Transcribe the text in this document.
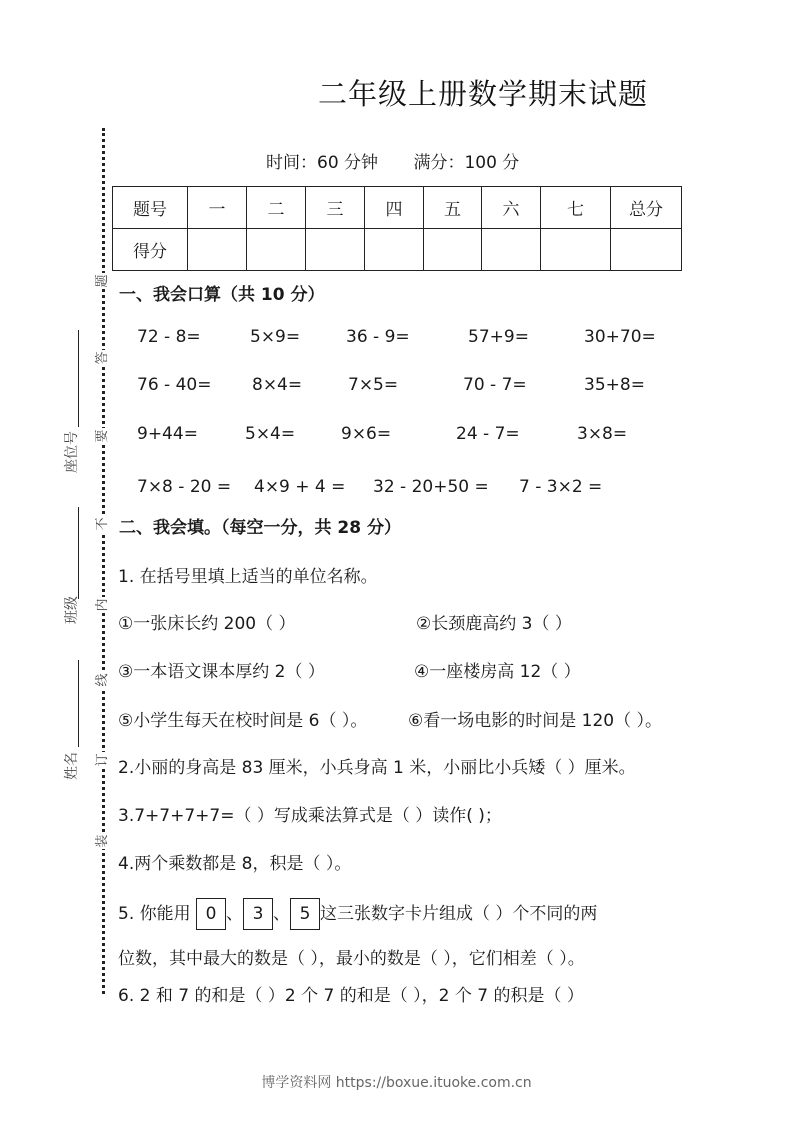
二年级上册数学期末试题
时间：60 分钟 满分：100 分
题
答
要
不
内
线
订
装
座位号
班级
姓名
题号	一	二	三	四	五	六	七	总分
得分								
一、我会口算（共 10 分）
72 - 8=	5×9=	36 - 9=	57+9=	30+70=
76 - 40= 8×4=	7×5=	70 - 7=	35+8=
9+44=	5×4=	9×6=	24 - 7=	3×8=
7×8 - 20 = 4×9 + 4 = 32 - 20+50 = 7 - 3×2 =
二、我会填。（每空一分，共 28 分）
1. 在括号里填上适当的单位名称。
①一张床长约 200（ ）	②长颈鹿高约 3（ ）
③一本语文课本厚约 2（ ）	④一座楼房高 12（ ）
⑤小学生每天在校时间是 6（ ）。 ⑥看一场电影的时间是 120（ ）。
2.小丽的身高是 83 厘米，小兵身高 1 米，小丽比小兵矮（ ）厘米。
3.7+7+7+7=（ ）写成乘法算式是（ ）读作( )；
4.两个乘数都是 8，积是（ ）。
5. 你能用 0 、 3 、 5 这三张数字卡片组成（ ）个不同的两
位数，其中最大的数是（ ），最小的数是（ ），它们相差（ ）。
6. 2 和 7 的和是（ ）2 个 7 的和是（ ），2 个 7 的积是（ ）
博学资料网 https://boxue.ituoke.com.cn
